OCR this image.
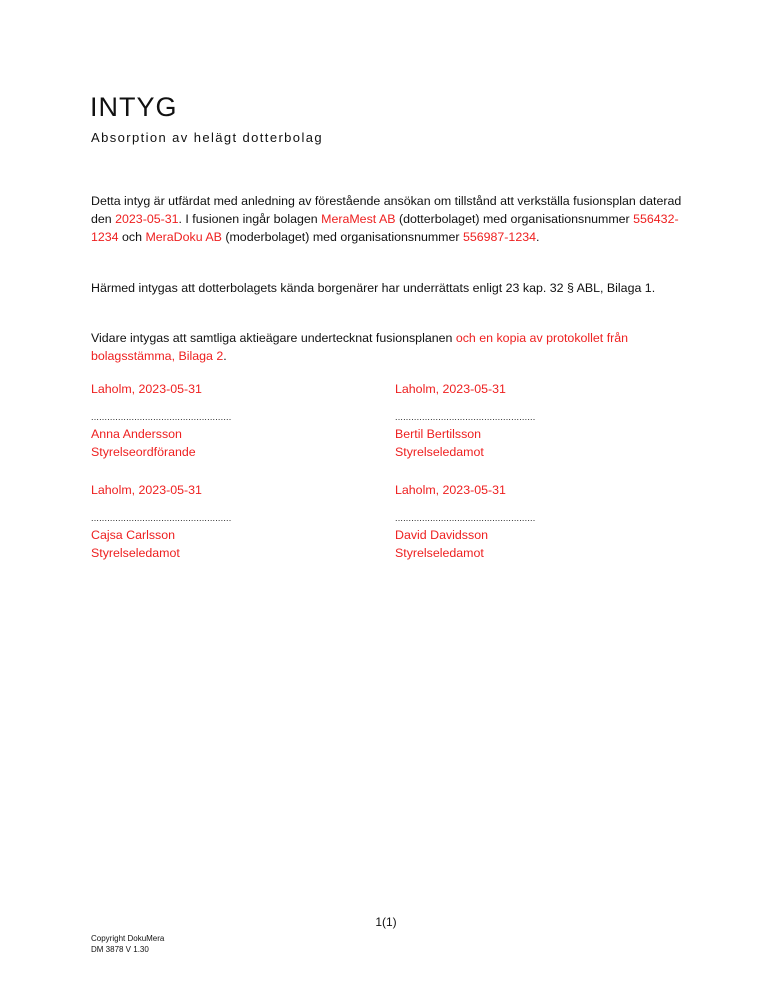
INTYG
Absorption av helägt dotterbolag

Detta intyg är utfärdat med anledning av förestående ansökan om tillstånd att verkställa fusionsplan daterad den 2023-05-31. I fusionen ingår bolagen MeraMest AB (dotterbolaget) med organisationsnummer 556432-1234 och MeraDoku AB (moderbolaget) med organisationsnummer 556987-1234.

Härmed intygas att dotterbolagets kända borgenärer har underrättats enligt 23 kap. 32 § ABL, Bilaga 1.

Vidare intygas att samtliga aktieägare undertecknat fusionsplanen och en kopia av protokollet från bolagsstämma, Bilaga 2.

Laholm, 2023-05-31
....................................................
Anna Andersson
Styrelseordförande
Laholm, 2023-05-31
....................................................
Bertil Bertilsson
Styrelseledamot
Laholm, 2023-05-31
....................................................
Cajsa Carlsson
Styrelseledamot
Laholm, 2023-05-31
....................................................
David Davidsson
Styrelseledamot
1(1)
Copyright DokuMera
DM 3878 V 1.30
